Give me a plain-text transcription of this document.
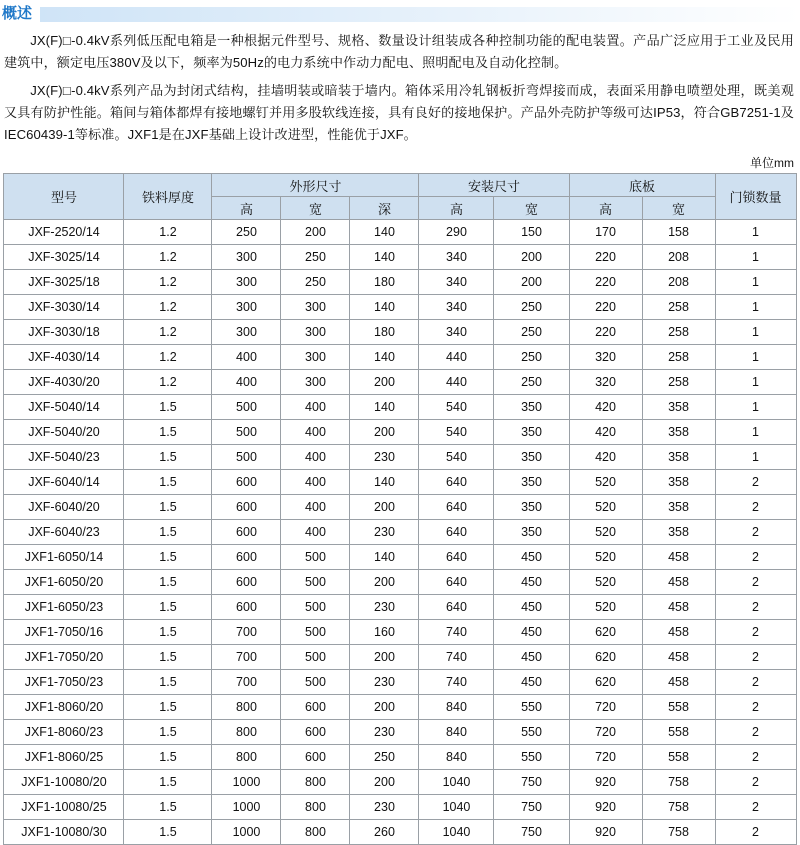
概述

JX(F)□-0.4kV系列低压配电箱是一种根据元件型号、规格、数量设计组装成各种控制功能的配电装置。产品广泛应用于工业及民用建筑中，额定电压380V及以下，频率为50Hz的电力系统中作动力配电、照明配电及自动化控制。

JX(F)□-0.4kV系列产品为封闭式结构，挂墙明装或暗装于墙内。箱体采用冷轧钢板折弯焊接而成，表面采用静电喷塑处理，既美观又具有防护性能。箱间与箱体都焊有接地螺钉并用多股软线连接，具有良好的接地保护。产品外壳防护等级可达IP53，符合GB7251-1及IEC60439-1等标准。JXF1是在JXF基础上设计改进型，性能优于JXF。

单位mm
型号	铁料厚度	外形尺寸			安装尺寸		底板		门锁数量
		高	宽	深	高	宽	高	宽	
JXF-2520/14	1.2	250	200	140	290	150	170	158	1
JXF-3025/14	1.2	300	250	140	340	200	220	208	1
JXF-3025/18	1.2	300	250	180	340	200	220	208	1
JXF-3030/14	1.2	300	300	140	340	250	220	258	1
JXF-3030/18	1.2	300	300	180	340	250	220	258	1
JXF-4030/14	1.2	400	300	140	440	250	320	258	1
JXF-4030/20	1.2	400	300	200	440	250	320	258	1
JXF-5040/14	1.5	500	400	140	540	350	420	358	1
JXF-5040/20	1.5	500	400	200	540	350	420	358	1
JXF-5040/23	1.5	500	400	230	540	350	420	358	1
JXF-6040/14	1.5	600	400	140	640	350	520	358	2
JXF-6040/20	1.5	600	400	200	640	350	520	358	2
JXF-6040/23	1.5	600	400	230	640	350	520	358	2
JXF1-6050/14	1.5	600	500	140	640	450	520	458	2
JXF1-6050/20	1.5	600	500	200	640	450	520	458	2
JXF1-6050/23	1.5	600	500	230	640	450	520	458	2
JXF1-7050/16	1.5	700	500	160	740	450	620	458	2
JXF1-7050/20	1.5	700	500	200	740	450	620	458	2
JXF1-7050/23	1.5	700	500	230	740	450	620	458	2
JXF1-8060/20	1.5	800	600	200	840	550	720	558	2
JXF1-8060/23	1.5	800	600	230	840	550	720	558	2
JXF1-8060/25	1.5	800	600	250	840	550	720	558	2
JXF1-10080/20	1.5	1000	800	200	1040	750	920	758	2
JXF1-10080/25	1.5	1000	800	230	1040	750	920	758	2
JXF1-10080/30	1.5	1000	800	260	1040	750	920	758	2
